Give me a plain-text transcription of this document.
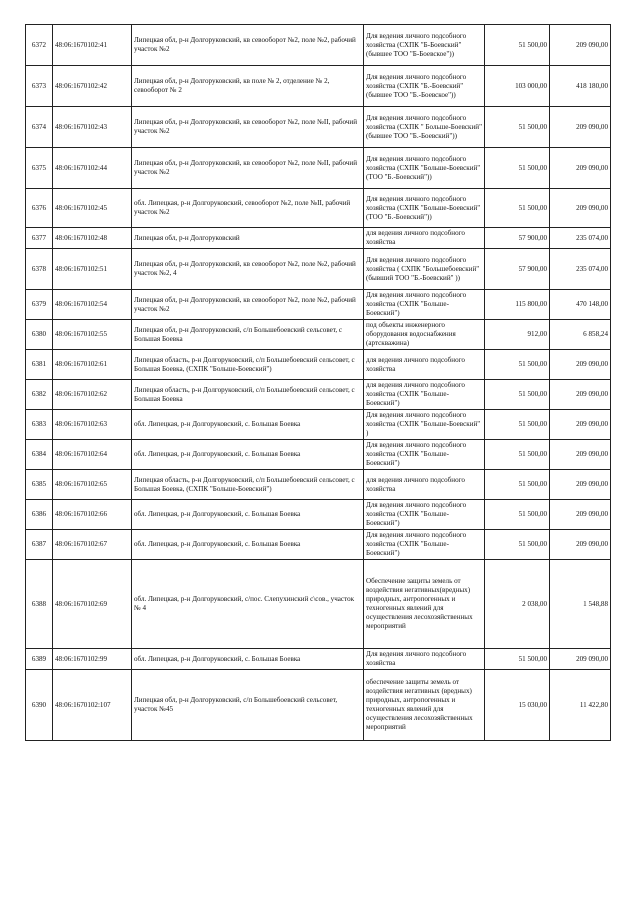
6372	48:06:1670102:41	Липецкая обл, р-н Долгоруковский, кв севооборот №2, поле №2, рабочий участок №2	Для ведения личного подсобного хозяйства (СХПК "Б-Боевский" (бывшее ТОО "Б-Боевское"))	51 500,00	209 090,00
6373	48:06:1670102:42	Липецкая обл, р-н Долгоруковский, кв поле № 2, отделение № 2, севооборот № 2	Для ведения личного подсобного хозяйства (СХПК "Б.-Боевский" (бывшее ТОО "Б.-Боевское"))	103 000,00	418 180,00
6374	48:06:1670102:43	Липецкая обл, р-н Долгоруковский, кв севооборот №2, поле №II, рабочий участок №2	Для ведения личного подсобного хозяйства (СХПК " Больше-Боевский" (бывшее ТОО "Б.-Боевский"))	51 500,00	209 090,00
6375	48:06:1670102:44	Липецкая обл, р-н Долгоруковский, кв севооборот №2, поле №II, рабочий участок №2	Для ведения личного подсобного хозяйства (СХПК "Больше-Боевский" (ТОО "Б.-Боевский"))	51 500,00	209 090,00
6376	48:06:1670102:45	обл. Липецкая, р-н Долгоруковский, севооборот №2, поле №II, рабочий участок №2	Для ведения личного подсобного хозяйства (СХПК "Больше-Боевский" (ТОО "Б.-Боевский"))	51 500,00	209 090,00
6377	48:06:1670102:48	Липецкая обл, р-н Долгоруковский	для ведения личного подсобного хозяйства	57 900,00	235 074,00
6378	48:06:1670102:51	Липецкая обл, р-н Долгоруковский, кв севооборот №2, поле №2, рабочий участок №2, 4	Для ведения личного подсобного хозяйства ( СХПК "Большебоевский" (бывший ТОО "Б.-Боевский" ))	57 900,00	235 074,00
6379	48:06:1670102:54	Липецкая обл, р-н Долгоруковский, кв севооборот №2, поле №2, рабочий участок №2	Для ведения личного подсобного хозяйства (СХПК "Больше-Боевский")	115 800,00	470 148,00
6380	48:06:1670102:55	Липецкая обл, р-н Долгоруковский, с/п Большебоевский сельсовет, с Большая Боевка	под объекты инженерного оборудования водоснабжения (артскважина)	912,00	6 858,24
6381	48:06:1670102:61	Липецкая область, р-н Долгоруковский, с/п Большебоевский сельсовет, с Большая Боевка, (СХПК "Больше-Боевский")	для ведения личного подсобного хозяйства	51 500,00	209 090,00
6382	48:06:1670102:62	Липецкая область, р-н Долгоруковский, с/п Большебоевский сельсовет, с Большая Боевка	для ведения личного подсобного хозяйства (СХПК "Больше-Боевский")	51 500,00	209 090,00
6383	48:06:1670102:63	обл. Липецкая, р-н Долгоруковский, с. Большая Боевка	Для ведения личного подсобного хозяйства (СХПК "Больше-Боевский" )	51 500,00	209 090,00
6384	48:06:1670102:64	обл. Липецкая, р-н Долгоруковский, с. Большая Боевка	Для ведения личного подсобного хозяйства (СХПК "Больше-Боевский")	51 500,00	209 090,00
6385	48:06:1670102:65	Липецкая область, р-н Долгоруковский, с/п Большебоевский сельсовет, с Большая Боевка, (СХПК "Больше-Боевский")	для ведения личного подсобного хозяйства	51 500,00	209 090,00
6386	48:06:1670102:66	обл. Липецкая, р-н Долгоруковский, с. Большая Боевка	Для ведения личного подсобного хозяйства (СХПК "Больше-Боевский")	51 500,00	209 090,00
6387	48:06:1670102:67	обл. Липецкая, р-н Долгоруковский, с. Большая Боевка	Для ведения личного подсобного хозяйства (СХПК "Больше-Боевский")	51 500,00	209 090,00
6388	48:06:1670102:69	обл. Липецкая, р-н Долгоруковский, с/пос. Слепухинский с\сов., участок № 4	Обеспечение защиты земель от воздействия негативных(вредных) природных, антропогенных и техногенных явлений для осуществления лесохозяйственных мероприятий	2 038,00	1 548,88
6389	48:06:1670102:99	обл. Липецкая, р-н Долгоруковский, с. Большая Боевка	Для ведения личного подсобного хозяйства	51 500,00	209 090,00
6390	48:06:1670102:107	Липецкая обл, р-н Долгоруковский, с/п Большебоевский сельсовет, участок №45	обеспечение защиты земель от воздействия негативных (вредных) природных, антропогенных и техногенных явлений для осуществления лесохозяйственных мероприятий	15 030,00	11 422,80
